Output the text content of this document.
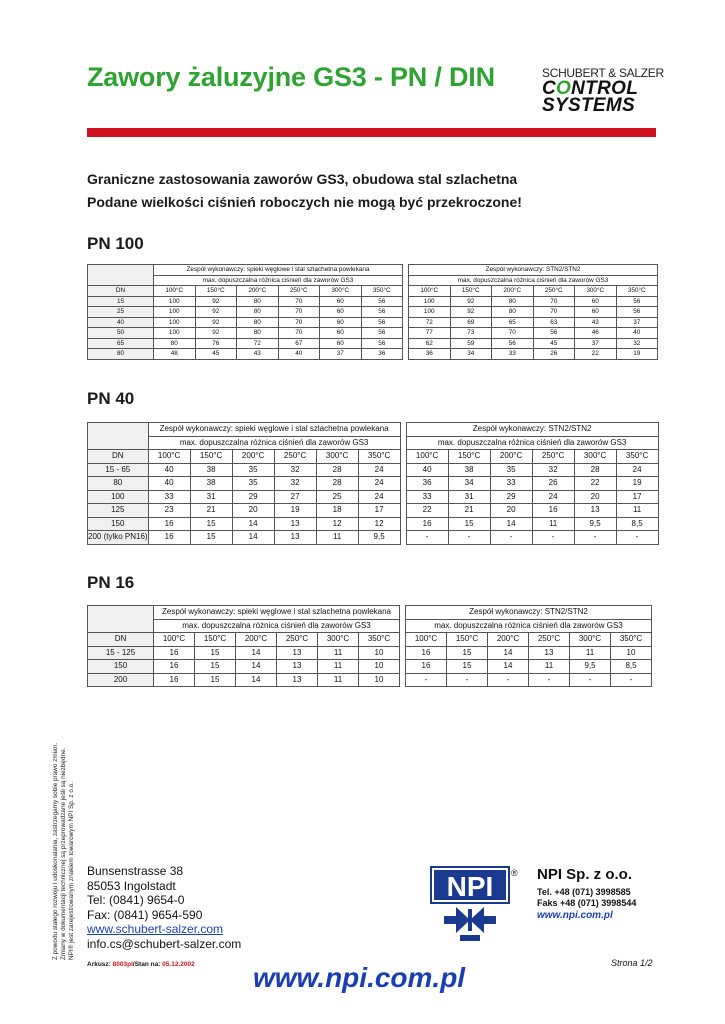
Zawory żaluzyjne GS3 - PN / DIN	SCHUBERT & SALZER
CONTROL
SYSTEMS
Graniczne zastosowania zaworów GS3, obudowa stal szlachetna
Podane wielkości ciśnień roboczych nie mogą być przekroczone!
PN 100
	Zespół wykonawczy: spieki węglowe i stal szlachetna powlekana							Zespół wykonawczy: STN2/STN2					
	max. dopuszczalna różnica ciśnień dla zaworów GS3							max. dopuszczalna różnica ciśnień dla zaworów GS3					
DN	100°C	150°C	200°C	250°C	300°C	350°C		100°C	150°C	200°C	250°C	300°C	350°C
15	100	92	80	70	60	56		100	92	80	70	60	56
25	100	92	80	70	60	56		100	92	80	70	60	56
40	100	92	80	70	60	56		72	69	65	63	43	37
50	100	92	80	70	60	56		77	73	70	56	46	40
65	80	76	72	67	60	56		62	59	56	45	37	32
80	48	45	43	40	37	36		36	34	33	26	22	19
PN 40
	Zespół wykonawczy: spieki węglowe i stal szlachetna powlekana							Zespół wykonawczy: STN2/STN2					
	max. dopuszczalna różnica ciśnień dla zaworów GS3							max. dopuszczalna różnica ciśnień dla zaworów GS3					
DN	100°C	150°C	200°C	250°C	300°C	350°C		100°C	150°C	200°C	250°C	300°C	350°C
15 - 65	40	38	35	32	28	24		40	38	35	32	28	24
80	40	38	35	32	28	24		36	34	33	26	22	19
100	33	31	29	27	25	24		33	31	29	24	20	17
125	23	21	20	19	18	17		22	21	20	16	13	11
150	16	15	14	13	12	12		16	15	14	11	9,5	8,5
200 (tylko PN16)	16	15	14	13	11	9,5		-	-	-	-	-	-
PN 16
	Zespół wykonawczy: spieki węglowe i stal szlachetna powlekana							Zespół wykonawczy: STN2/STN2					
	max. dopuszczalna różnica ciśnień dla zaworów GS3							max. dopuszczalna różnica ciśnień dla zaworów GS3					
DN	100°C	150°C	200°C	250°C	300°C	350°C		100°C	150°C	200°C	250°C	300°C	350°C
15 - 125	16	15	14	13	11	10		16	15	14	13	11	10
150	16	15	14	13	11	10		16	15	14	11	9,5	8,5
200	16	15	14	13	11	10		-	-	-	-	-	-
Z powodu stałego rozwoju i udoskonalania, zastrzegamy sobie prawo zmian. Zmiany w dokumentacji technicznej są przeprowadzane jeśli są niezbędne. NPI® jest zarejestrowanym znakiem towarowym NPI Sp. z o.o. Bunsenstrasse 38
85053 Ingolstadt
Tel: (0841) 9654-0
Fax: (0841) 9654-590
www.schubert-salzer.com
info.cs@schubert-salzer.com
NPI ® NPI Sp. z o.o.
Tel. +48 (071) 3998585
Faks +48 (071) 3998544
www.npi.com.pl
Arkusz: 8003pl/Stan na: 05.12.2002	Strona 1/2
www.npi.com.pl
